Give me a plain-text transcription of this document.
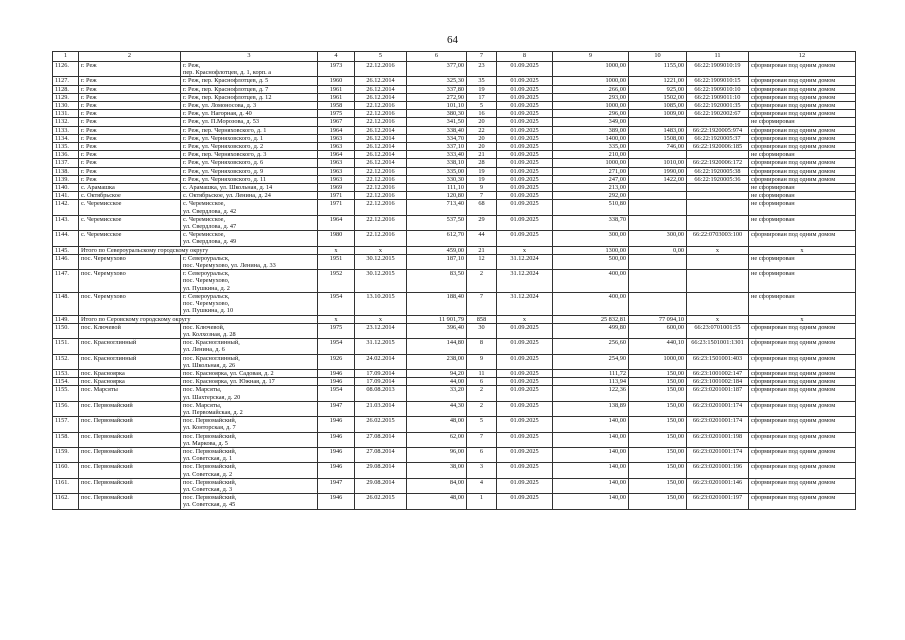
64
1	2	3	4	5	6	7	8	9	10	11	12
1126.	г. Реж	г. Реж,
пер. Краснофлотцев, д. 1, корп. а	1973	22.12.2016	377,00	23	01.09.2025	1000,00	1155,00	66:22:1909010:19	сформирован под одним домом
1127.	г. Реж	г. Реж, пер. Краснофлотцев, д. 5	1960	26.12.2014	325,30	35	01.09.2025	1000,00	1221,00	66:22:1909010:15	сформирован под одним домом
1128.	г. Реж	г. Реж, пер. Краснофлотцев, д. 7	1961	26.12.2014	337,80	19	01.09.2025	266,00	925,00	66:22:1909010:10	сформирован под одним домом
1129.	г. Реж	г. Реж, пер. Краснофлотцев, д. 12	1961	26.12.2014	272,90	17	01.09.2025	293,00	1502,00	66:22:1909011:10	сформирован под одним домом
1130.	г. Реж	г. Реж, ул. Ломоносова, д. 3	1958	22.12.2016	101,10	5	01.09.2025	1000,00	1085,00	66:22:1920001:35	сформирован под одним домом
1131.	г. Реж	г. Реж, ул. Нагорная, д. 40	1975	22.12.2016	380,30	16	01.09.2025	296,00	1009,00	66:22:1902002:67	сформирован под одним домом
1132.	г. Реж	г. Реж, ул. П.Морозова, д. 53	1967	22.12.2016	341,50	20	01.09.2025	349,00			не сформирован
1133.	г. Реж	г. Реж, пер. Черняховского, д. 1	1964	26.12.2014	338,40	22	01.09.2025	389,00	1483,00	66:22:1920005:974	сформирован под одним домом
1134.	г. Реж	г. Реж, ул. Черняховского, д. 1	1963	26.12.2014	334,70	20	01.09.2025	1400,00	1508,00	66:22:1920005:37	сформирован под одним домом
1135.	г. Реж	г. Реж, ул. Черняховского, д. 2	1963	26.12.2014	337,10	20	01.09.2025	335,00	746,00	66:22:1920006:185	сформирован под одним домом
1136.	г. Реж	г. Реж, пер. Черняховского, д. 3	1964	26.12.2014	333,40	21	01.09.2025	210,00			не сформирован
1137.	г. Реж	г. Реж, ул. Черняховского, д. 6	1963	26.12.2014	338,10	28	01.09.2025	1000,00	1010,00	66:22:1920006:172	сформирован под одним домом
1138.	г. Реж	г. Реж, ул. Черняховского, д. 9	1963	22.12.2016	335,00	19	01.09.2025	271,00	1990,00	66:22:1920005:38	сформирован под одним домом
1139.	г. Реж	г. Реж, ул. Черняховского, д. 11	1963	22.12.2016	330,30	19	01.09.2025	247,00	1422,00	66:22:1920005:36	сформирован под одним домом
1140.	с. Арамашка	с. Арамашка, ул. Школьная, д. 14	1969	22.12.2016	111,10	9	01.09.2025	213,00			не сформирован
1141.	с. Октябрьское	с. Октябрьское, ул. Ленина, д. 24	1971	22.12.2016	120,80	7	01.09.2025	292,00			не сформирован
1142.	с. Черемисское	с. Черемисское,
ул. Свердлова, д. 42	1971	22.12.2016	713,40	68	01.09.2025	510,80			не сформирован
1143.	с. Черемисское	с. Черемисское,
ул. Свердлова, д. 47	1964	22.12.2016	537,50	29	01.09.2025	338,70			не сформирован
1144.	с. Черемисское	с. Черемисское,
ул. Свердлова, д. 49	1980	22.12.2016	612,70	44	01.09.2025	300,00	300,00	66:22:0703003:100	сформирован под одним домом
1145.	Итого по Североуральскому городскому округу		x	x	459,00	21	x	1300,00	0,00	x	x
1146.	пос. Черемухово	г. Североуральск,
пос. Черемухово, ул. Ленина, д. 33	1951	30.12.2015	187,10	12	31.12.2024	500,00			не сформирован
1147.	пос. Черемухово	г. Североуральск,
пос. Черемухово,
ул. Пушкина, д. 2	1952	30.12.2015	83,50	2	31.12.2024	400,00			не сформирован
1148.	пос. Черемухово	г. Североуральск,
пос. Черемухово,
ул. Пушкина, д. 10	1954	13.10.2015	188,40	7	31.12.2024	400,00			не сформирован
1149.	Итого по Серовскому городскому округу		x	x	11 901,79	858	x	25 832,81	77 094,10	x	x
1150.	пос. Ключевой	пос. Ключевой,
ул. Колхозная, д. 28	1975	23.12.2014	396,40	30	01.09.2025	499,80	600,00	66:23:0701001:55	сформирован под одним домом
1151.	пос. Красноглинный	пос. Красноглинный,
ул. Ленина, д. 6	1954	31.12.2015	144,80	8	01.09.2025	256,60	440,10	66:23:1501001:1301	сформирован под одним домом
1152.	пос. Красноглинный	пос. Красноглинный,
ул. Школьная, д. 26	1926	24.02.2014	238,00	9	01.09.2025	254,90	1000,00	66:23:1501001:403	сформирован под одним домом
1153.	пос. Красноярка	пос. Красноярка, ул. Садовая, д. 2	1946	17.09.2014	94,20	11	01.09.2025	111,72	150,00	66:23:1001002:147	сформирован под одним домом
1154.	пос. Красноярка	пос. Красноярка, ул. Южная, д. 17	1946	17.09.2014	44,00	6	01.09.2025	113,94	150,00	66:23:1001002:184	сформирован под одним домом
1155.	пос. Марсяты	пос. Марсяты,
ул. Шахтерская, д. 20	1954	08.08.2013	33,20	2	01.09.2025	122,36	150,00	66:23:0201001:187	сформирован под одним домом
1156.	пос. Первомайский	пос. Марсяты,
ул. Первомайская, д. 2	1947	21.03.2014	44,30	2	01.09.2025	138,89	150,00	66:23:0201001:174	сформирован под одним домом
1157.	пос. Первомайский	пос. Первомайский,
ул. Конторская, д. 7	1946	26.02.2015	48,00	5	01.09.2025	140,00	150,00	66:23:0201001:174	сформирован под одним домом
1158.	пос. Первомайский	пос. Первомайский,
ул. Маркова, д. 5	1946	27.08.2014	62,00	7	01.09.2025	140,00	150,00	66:23:0201001:198	сформирован под одним домом
1159.	пос. Первомайский	пос. Первомайский,
ул. Советская, д. 1	1946	27.08.2014	96,00	6	01.09.2025	140,00	150,00	66:23:0201001:174	сформирован под одним домом
1160.	пос. Первомайский	пос. Первомайский,
ул. Советская, д. 2	1946	29.08.2014	38,00	3	01.09.2025	140,00	150,00	66:23:0201001:196	сформирован под одним домом
1161.	пос. Первомайский	пос. Первомайский,
ул. Советская, д. 3	1947	29.08.2014	84,00	4	01.09.2025	140,00	150,00	66:23:0201001:146	сформирован под одним домом
1162.	пос. Первомайский	пос. Первомайский,
ул. Советская, д. 45	1946	26.02.2015	48,00	1	01.09.2025	140,00	150,00	66:23:0201001:197	сформирован под одним домом
